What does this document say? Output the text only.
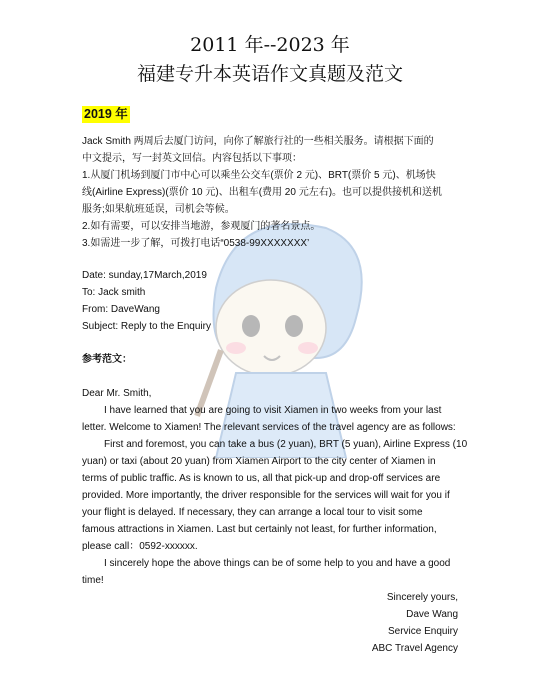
2011 年--2023 年
福建专升本英语作文真题及范文
2019 年
Jack Smith 两周后去厦门访问，向你了解旅行社的一些相关服务。请根据下面的
中文提示，写一封英文回信。内容包括以下事项：
1.从厦门机场到厦门市中心可以乘坐公交车(票价 2 元)、BRT(票价 5 元)、机场快
线(Airline Express)(票价 10 元)、出租车(费用 20 元左右)。也可以提供接机和送机
服务;如果航班延误，司机会等候。
2.如有需要，可以安排当地游，参观厦门的著名景点。
3.如需进一步了解，可拨打电话“0538-99XXXXXXX’
Date: sunday,17March,2019
To: Jack smith
From: DaveWang
Subject: Reply to the Enquiry
参考范文：
Dear Mr. Smith,
I have learned that you are going to visit Xiamen in two weeks from your last
letter. Welcome to Xiamen! The relevant services of the travel agency are as follows:
First and foremost, you can take a bus (2 yuan), BRT (5 yuan), Airline Express (10
yuan) or taxi (about 20 yuan) from Xiamen Airport to the city center of Xiamen in
terms of public traffic. As is known to us, all that pick-up and drop-off services are
provided. More importantly, the driver responsible for the services will wait for you if
your flight is delayed. If necessary, they can arrange a local tour to visit some
famous attractions in Xiamen. Last but certainly not least, for further information,
please call：0592-xxxxxx.
I sincerely hope the above things can be of some help to you and have a good
time!
Sincerely yours,
Dave Wang
Service Enquiry
ABC Travel Agency
